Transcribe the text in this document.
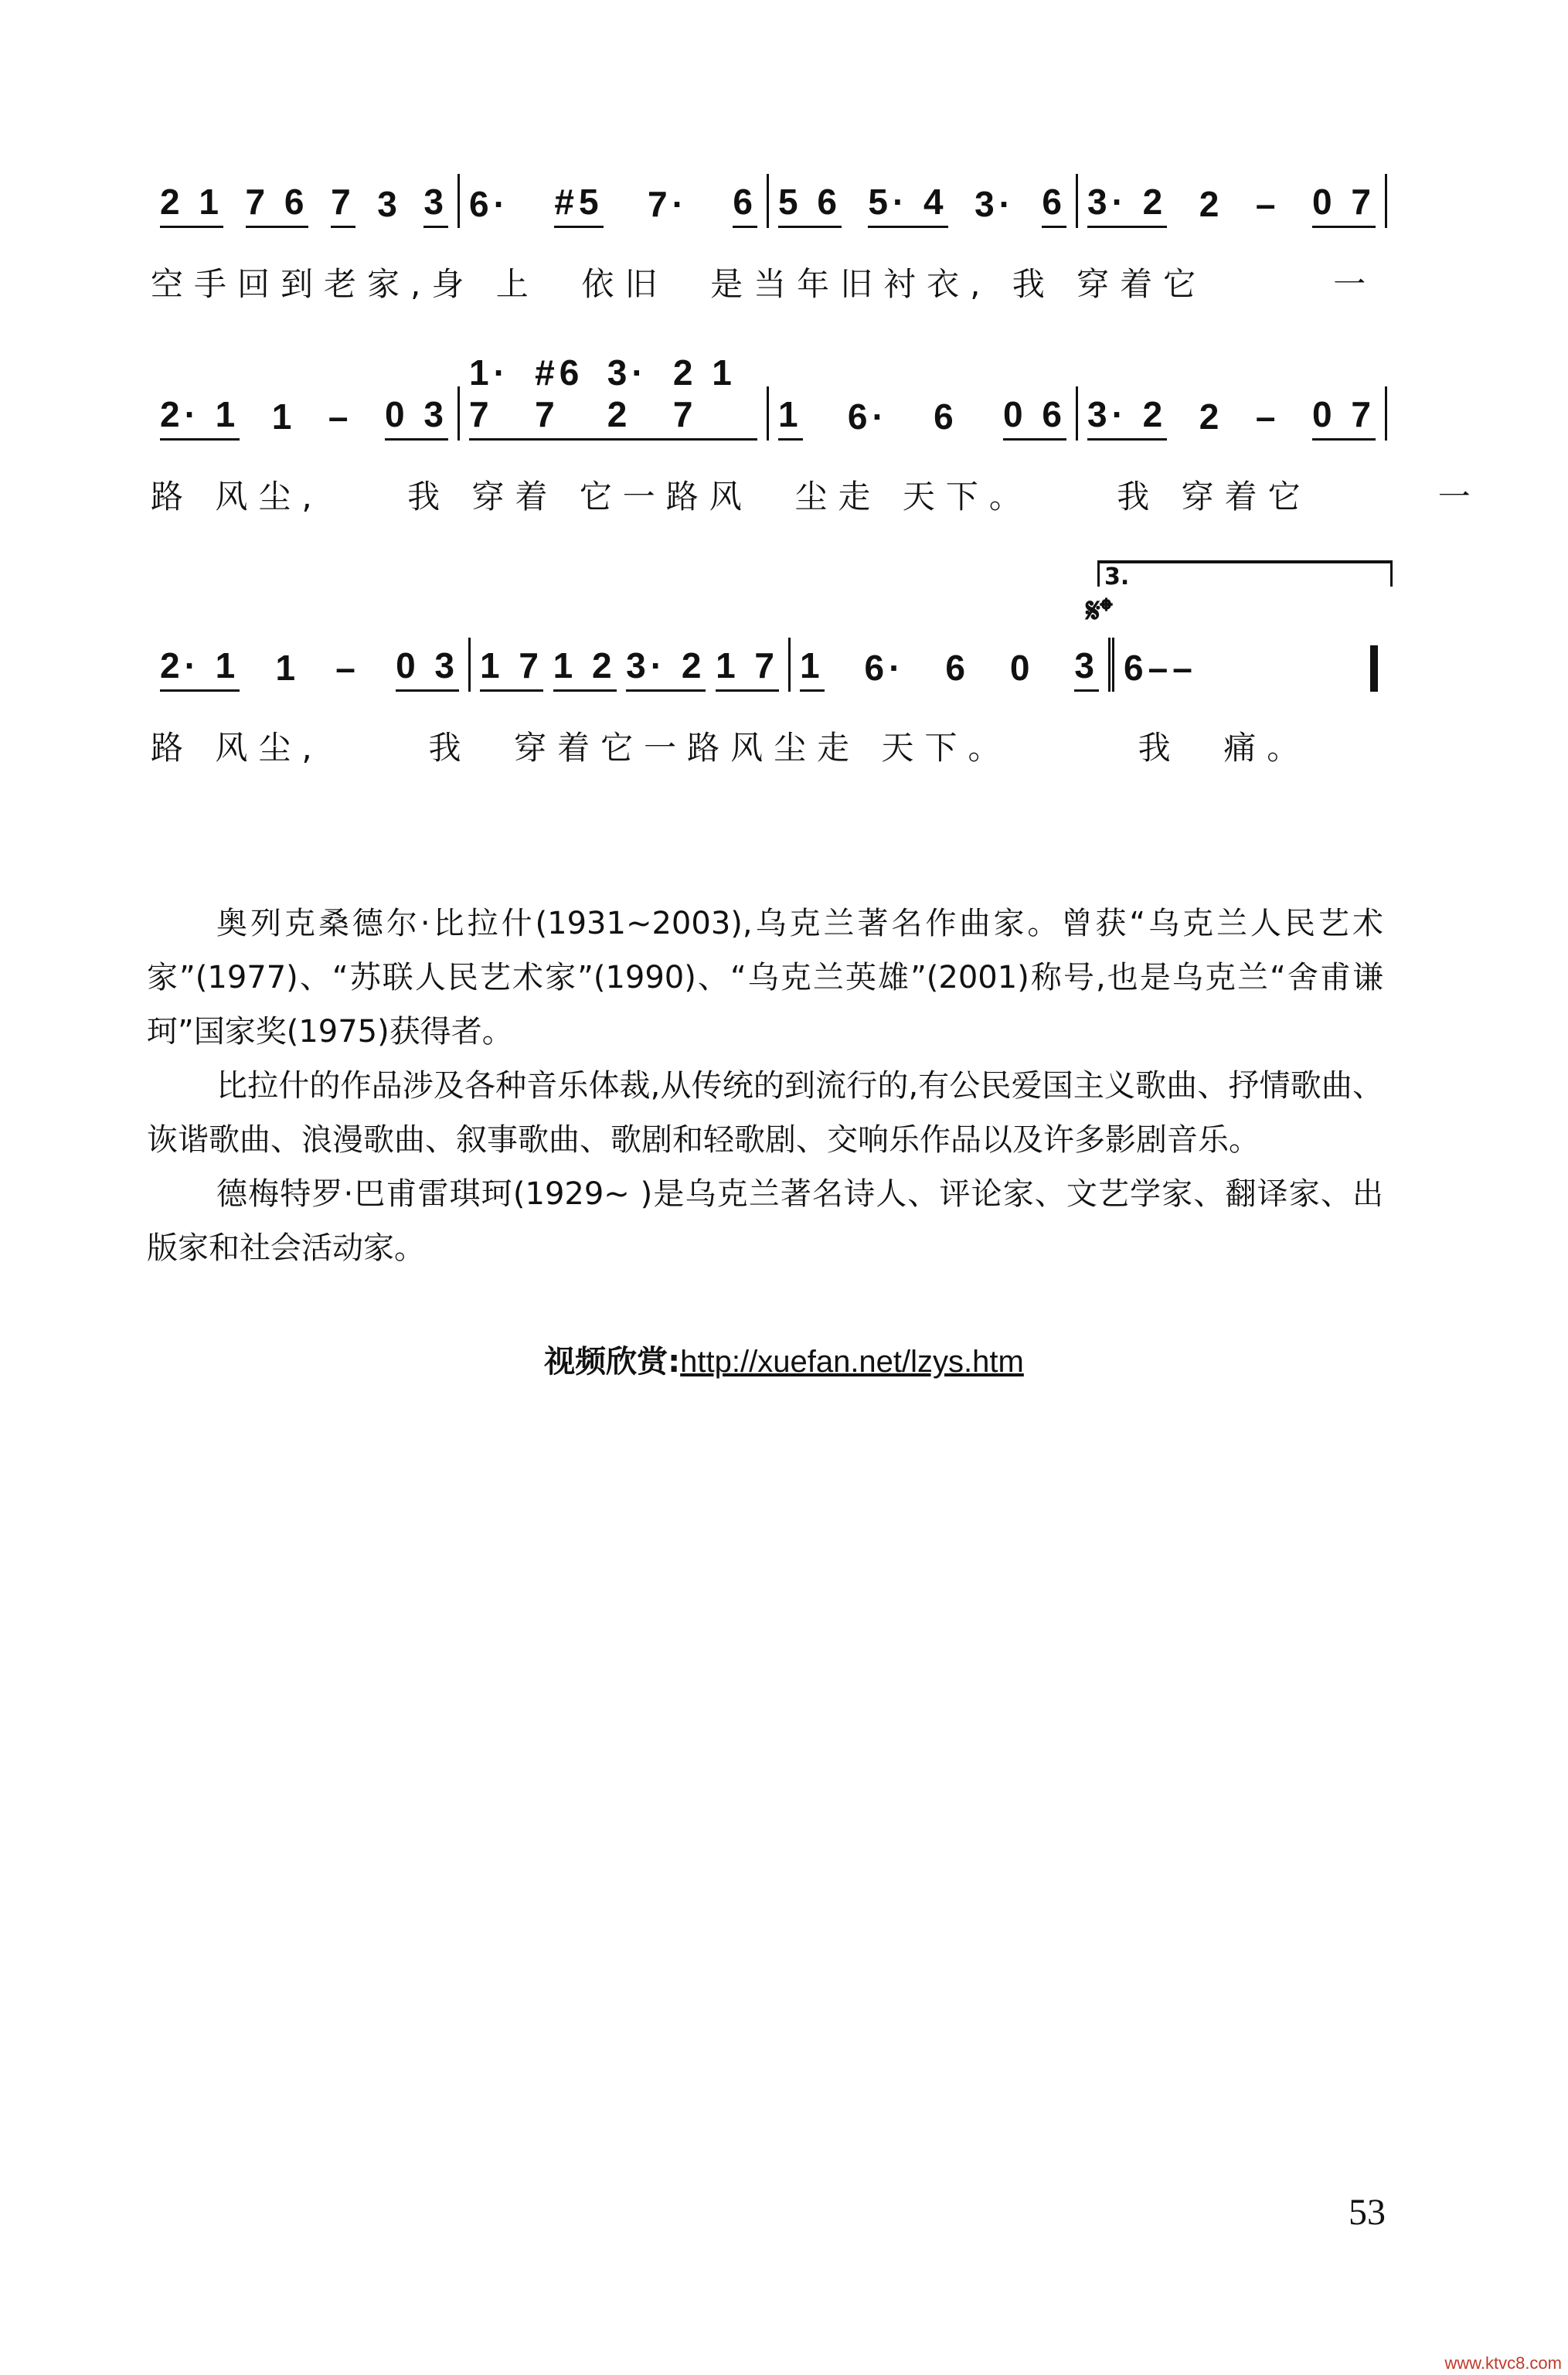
2 1 7 6 7 3 3 6· #5 7· 6 5 6 5· 4 3· 6 3· 2 2 – 0 7
空手回到老家,身 上  依旧  是当年旧衬衣, 我 穿着它      一
2· 1 1 – 0 3
1· 7
#6 7
3· 2
2 1 7	1 6· 6 0 6 3· 2 2 – 0 7
路 风尘,    我 穿着 它一路风  尘走 天下。    我 穿着它      一
3.
𝄋𝄌
2· 1 1 – 0 3 1 7 1 2 3· 2 1 7 1 6· 6 0 3 6 – –
路 风尘,     我  穿着它一路风尘走 天下。      我  痛。

奥列克桑德尔·比拉什(1931~2003),乌克兰著名作曲家。曾获“乌克兰人民艺术家”(1977)、“苏联人民艺术家”(1990)、“乌克兰英雄”(2001)称号,也是乌克兰“舍甫谦珂”国家奖(1975)获得者。

比拉什的作品涉及各种音乐体裁,从传统的到流行的,有公民爱国主义歌曲、抒情歌曲、诙谐歌曲、浪漫歌曲、叙事歌曲、歌剧和轻歌剧、交响乐作品以及许多影剧音乐。

德梅特罗·巴甫雷琪珂(1929~ )是乌克兰著名诗人、评论家、文艺学家、翻译家、出版家和社会活动家。

视频欣赏:http://xuefan.net/lzys.htm
53
www.ktvc8.com
